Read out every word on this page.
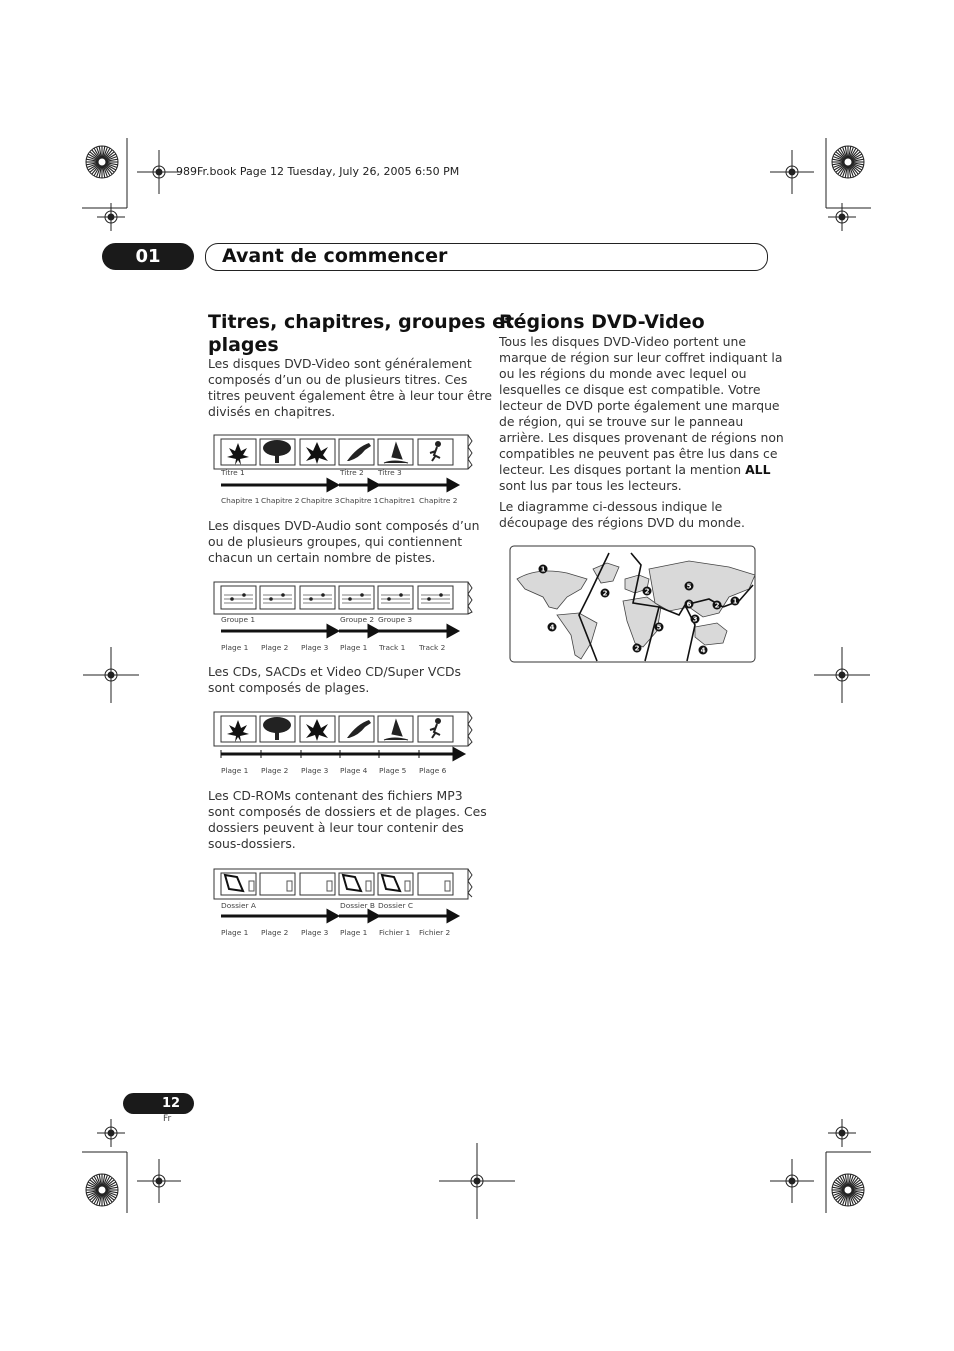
989Fr.book Page 12 Tuesday, July 26, 2005 6:50 PM
01	Avant de commencer
Titres, chapitres, groupes et
plages

Les disques DVD-Video sont généralement
composés d’un ou de plusieurs titres. Ces
titres peuvent également être à leur tour être
divisés en chapitres.

Titre 1	Titre 2 Titre 3
Chapitre 1 Chapitre 2 Chapitre 3 Chapitre 1 Chapitre1 Chapitre 2

Les disques DVD-Audio sont composés d’un
ou de plusieurs groupes, qui contiennent
chacun un certain nombre de pistes.

Groupe 1	Groupe 2 Groupe 3
Plage 1 Plage 2 Plage 3 Plage 1 Track 1 Track 2

Les CDs, SACDs et Video CD/Super VCDs
sont composés de plages.

Plage 1 Plage 2 Plage 3 Plage 4 Plage 5 Plage 6

Les CD-ROMs contenant des fichiers MP3
sont composés de dossiers et de plages. Ces
dossiers peuvent à leur tour contenir des
sous-dossiers.

Dossier A	Dossier B Dossier C
Plage 1 Plage 2 Plage 3 Plage 1 Fichier 1 Fichier 2
Régions DVD-Video

Tous les disques DVD-Video portent une
marque de région sur leur coffret indiquant la
ou les régions du monde avec lequel ou
lesquelles ce disque est compatible. Votre
lecteur de DVD porte également une marque
de région, qui se trouve sur le panneau
arrière. Les disques provenant de régions non
compatibles ne peuvent pas être lus dans ce
lecteur. Les disques portant la mention ALL
sont lus par tous les lecteurs.

Le diagramme ci-dessous indique le
découpage des régions DVD du monde.

1
2	2
3
4
5
5
6	2 1
4
2
12
Fr
